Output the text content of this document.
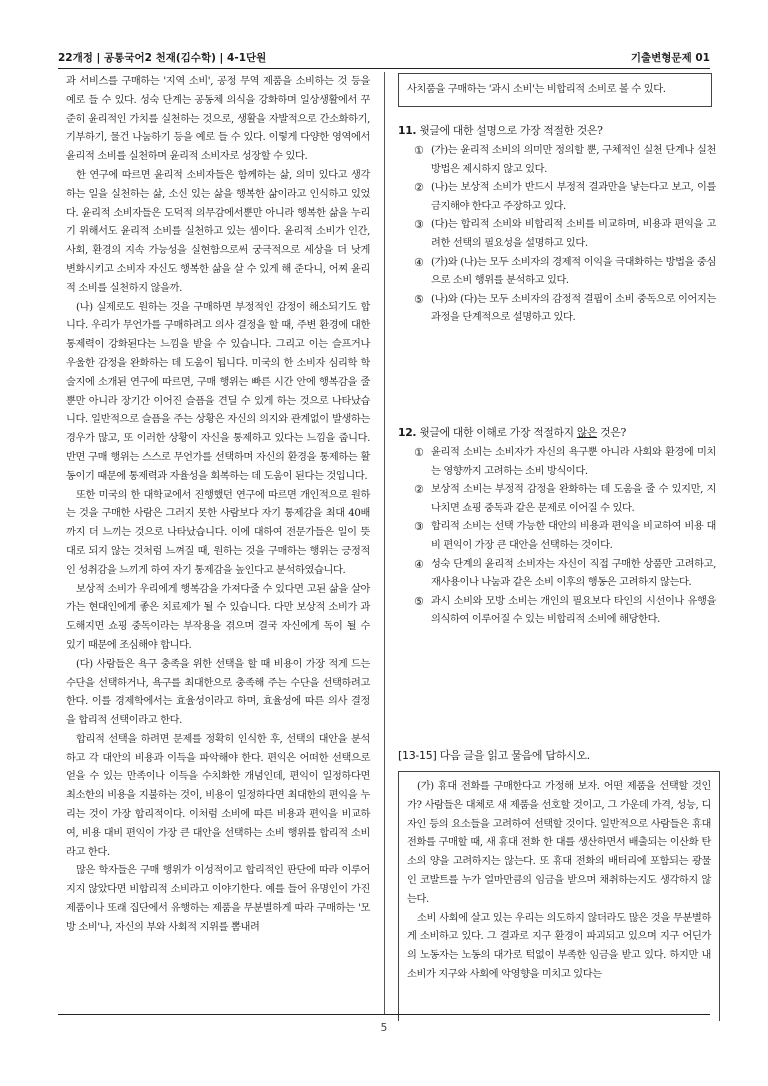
22개정 | 공통국어2 천재(김수학) | 4-1단원	기출변형문제 01

과 서비스를 구매하는 '지역 소비', 공정 무역 제품을 소비하는 것 등을 예로 들 수 있다. 성숙 단계는 공동체 의식을 강화하며 일상생활에서 꾸준히 윤리적인 가치를 실천하는 것으로, 생활을 자발적으로 간소화하기, 기부하기, 물건 나눔하기 등을 예로 들 수 있다. 이렇게 다양한 영역에서 윤리적 소비를 실천하며 윤리적 소비자로 성장할 수 있다.

한 연구에 따르면 윤리적 소비자들은 함께하는 삶, 의미 있다고 생각하는 일을 실천하는 삶, 소신 있는 삶을 행복한 삶이라고 인식하고 있었다. 윤리적 소비자들은 도덕적 의무감에서뿐만 아니라 행복한 삶을 누리기 위해서도 윤리적 소비를 실천하고 있는 셈이다. 윤리적 소비가 인간, 사회, 환경의 지속 가능성을 실현함으로써 궁극적으로 세상을 더 낫게 변화시키고 소비자 자신도 행복한 삶을 살 수 있게 해 준다니, 어찌 윤리적 소비를 실천하지 않을까.

(나) 실제로도 원하는 것을 구매하면 부정적인 감정이 해소되기도 합니다. 우리가 무언가를 구매하려고 의사 결정을 할 때, 주변 환경에 대한 통제력이 강화된다는 느낌을 받을 수 있습니다. 그리고 이는 슬프거나 우울한 감정을 완화하는 데 도움이 됩니다. 미국의 한 소비자 심리학 학술지에 소개된 연구에 따르면, 구매 행위는 빠른 시간 안에 행복감을 줄 뿐만 아니라 장기간 이어진 슬픔을 견딜 수 있게 하는 것으로 나타났습니다. 일반적으로 슬픔을 주는 상황은 자신의 의지와 관계없이 발생하는 경우가 많고, 또 이러한 상황이 자신을 통제하고 있다는 느낌을 줍니다. 반면 구매 행위는 스스로 무언가를 선택하며 자신의 환경을 통제하는 활동이기 때문에 통제력과 자율성을 회복하는 데 도움이 된다는 것입니다.

또한 미국의 한 대학교에서 진행했던 연구에 따르면 개인적으로 원하는 것을 구매한 사람은 그러지 못한 사람보다 자기 통제감을 최대 40배까지 더 느끼는 것으로 나타났습니다. 이에 대하여 전문가들은 일이 뜻대로 되지 않는 것처럼 느껴질 때, 원하는 것을 구매하는 행위는 긍정적인 성취감을 느끼게 하여 자기 통제감을 높인다고 분석하였습니다.

보상적 소비가 우리에게 행복감을 가져다줄 수 있다면 고된 삶을 살아가는 현대인에게 좋은 치료제가 될 수 있습니다. 다만 보상적 소비가 과도해지면 쇼핑 중독이라는 부작용을 겪으며 결국 자신에게 독이 될 수 있기 때문에 조심해야 합니다.

(다) 사람들은 욕구 충족을 위한 선택을 할 때 비용이 가장 적게 드는 수단을 선택하거나, 욕구를 최대한으로 충족해 주는 수단을 선택하려고 한다. 이를 경제학에서는 효율성이라고 하며, 효율성에 따른 의사 결정을 합리적 선택이라고 한다.

합리적 선택을 하려면 문제를 정확히 인식한 후, 선택의 대안을 분석하고 각 대안의 비용과 이득을 파악해야 한다. 편익은 어떠한 선택으로 얻을 수 있는 만족이나 이득을 수치화한 개념인데, 편익이 일정하다면 최소한의 비용을 지불하는 것이, 비용이 일정하다면 최대한의 편익을 누리는 것이 가장 합리적이다. 이처럼 소비에 따른 비용과 편익을 비교하여, 비용 대비 편익이 가장 큰 대안을 선택하는 소비 행위를 합리적 소비라고 한다.

많은 학자들은 구매 행위가 이성적이고 합리적인 판단에 따라 이루어지지 않았다면 비합리적 소비라고 이야기한다. 예를 들어 유명인이 가진 제품이나 또래 집단에서 유행하는 제품을 무분별하게 따라 구매하는 '모방 소비'나, 자신의 부와 사회적 지위를 뽐내려

사치품을 구매하는 '과시 소비'는 비합리적 소비로 볼 수 있다.

11. 윗글에 대한 설명으로 가장 적절한 것은?

① (가)는 윤리적 소비의 의미만 정의할 뿐, 구체적인 실천 단계나 실천 방법은 제시하지 않고 있다.
② (나)는 보상적 소비가 반드시 부정적 결과만을 낳는다고 보고, 이를 금지해야 한다고 주장하고 있다.
③ (다)는 합리적 소비와 비합리적 소비를 비교하며, 비용과 편익을 고려한 선택의 필요성을 설명하고 있다.
④ (가)와 (나)는 모두 소비자의 경제적 이익을 극대화하는 방법을 중심으로 소비 행위를 분석하고 있다.
⑤ (나)와 (다)는 모두 소비자의 감정적 결핍이 소비 중독으로 이어지는 과정을 단계적으로 설명하고 있다.

12. 윗글에 대한 이해로 가장 적절하지 않은 것은?

① 윤리적 소비는 소비자가 자신의 욕구뿐 아니라 사회와 환경에 미치는 영향까지 고려하는 소비 방식이다.
② 보상적 소비는 부정적 감정을 완화하는 데 도움을 줄 수 있지만, 지나치면 쇼핑 중독과 같은 문제로 이어질 수 있다.
③ 합리적 소비는 선택 가능한 대안의 비용과 편익을 비교하여 비용 대비 편익이 가장 큰 대안을 선택하는 것이다.
④ 성숙 단계의 윤리적 소비자는 자신이 직접 구매한 상품만 고려하고, 재사용이나 나눔과 같은 소비 이후의 행동은 고려하지 않는다.
⑤ 과시 소비와 모방 소비는 개인의 필요보다 타인의 시선이나 유행을 의식하여 이루어질 수 있는 비합리적 소비에 해당한다.
[13-15] 다음 글을 읽고 물음에 답하시오.

(가) 휴대 전화를 구매한다고 가정해 보자. 어떤 제품을 선택할 것인가? 사람들은 대체로 새 제품을 선호할 것이고, 그 가운데 가격, 성능, 디자인 등의 요소들을 고려하여 선택할 것이다. 일반적으로 사람들은 휴대 전화를 구매할 때, 새 휴대 전화 한 대를 생산하면서 배출되는 이산화 탄소의 양을 고려하지는 않는다. 또 휴대 전화의 배터리에 포함되는 광물인 코발트를 누가 얼마만큼의 임금을 받으며 채취하는지도 생각하지 않는다.

소비 사회에 살고 있는 우리는 의도하지 않더라도 많은 것을 무분별하게 소비하고 있다. 그 결과로 지구 환경이 파괴되고 있으며 지구 어딘가의 노동자는 노동의 대가로 턱없이 부족한 임금을 받고 있다. 하지만 내 소비가 지구와 사회에 악영향을 미치고 있다는

5
